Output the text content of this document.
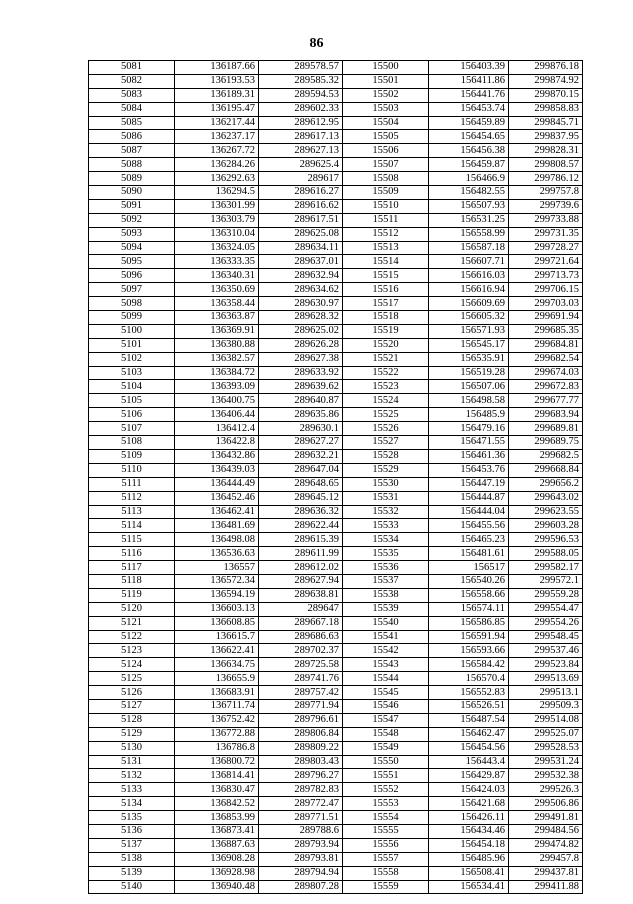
86
5081	136187.66	289578.57	15500	156403.39	299876.18
5082	136193.53	289585.32	15501	156411.86	299874.92
5083	136189.31	289594.53	15502	156441.76	299870.15
5084	136195.47	289602.33	15503	156453.74	299858.83
5085	136217.44	289612.95	15504	156459.89	299845.71
5086	136237.17	289617.13	15505	156454.65	299837.95
5087	136267.72	289627.13	15506	156456.38	299828.31
5088	136284.26	289625.4	15507	156459.87	299808.57
5089	136292.63	289617	15508	156466.9	299786.12
5090	136294.5	289616.27	15509	156482.55	299757.8
5091	136301.99	289616.62	15510	156507.93	299739.6
5092	136303.79	289617.51	15511	156531.25	299733.88
5093	136310.04	289625.08	15512	156558.99	299731.35
5094	136324.05	289634.11	15513	156587.18	299728.27
5095	136333.35	289637.01	15514	156607.71	299721.64
5096	136340.31	289632.94	15515	156616.03	299713.73
5097	136350.69	289634.62	15516	156616.94	299706.15
5098	136358.44	289630.97	15517	156609.69	299703.03
5099	136363.87	289628.32	15518	156605.32	299691.94
5100	136369.91	289625.02	15519	156571.93	299685.35
5101	136380.88	289626.28	15520	156545.17	299684.81
5102	136382.57	289627.38	15521	156535.91	299682.54
5103	136384.72	289633.92	15522	156519.28	299674.03
5104	136393.09	289639.62	15523	156507.06	299672.83
5105	136400.75	289640.87	15524	156498.58	299677.77
5106	136406.44	289635.86	15525	156485.9	299683.94
5107	136412.4	289630.1	15526	156479.16	299689.81
5108	136422.8	289627.27	15527	156471.55	299689.75
5109	136432.86	289632.21	15528	156461.36	299682.5
5110	136439.03	289647.04	15529	156453.76	299668.84
5111	136444.49	289648.65	15530	156447.19	299656.2
5112	136452.46	289645.12	15531	156444.87	299643.02
5113	136462.41	289636.32	15532	156444.04	299623.55
5114	136481.69	289622.44	15533	156455.56	299603.28
5115	136498.08	289615.39	15534	156465.23	299596.53
5116	136536.63	289611.99	15535	156481.61	299588.05
5117	136557	289612.02	15536	156517	299582.17
5118	136572.34	289627.94	15537	156540.26	299572.1
5119	136594.19	289638.81	15538	156558.66	299559.28
5120	136603.13	289647	15539	156574.11	299554.47
5121	136608.85	289667.18	15540	156586.85	299554.26
5122	136615.7	289686.63	15541	156591.94	299548.45
5123	136622.41	289702.37	15542	156593.66	299537.46
5124	136634.75	289725.58	15543	156584.42	299523.84
5125	136655.9	289741.76	15544	156570.4	299513.69
5126	136683.91	289757.42	15545	156552.83	299513.1
5127	136711.74	289771.94	15546	156526.51	299509.3
5128	136752.42	289796.61	15547	156487.54	299514.08
5129	136772.88	289806.84	15548	156462.47	299525.07
5130	136786.8	289809.22	15549	156454.56	299528.53
5131	136800.72	289803.43	15550	156443.4	299531.24
5132	136814.41	289796.27	15551	156429.87	299532.38
5133	136830.47	289782.83	15552	156424.03	299526.3
5134	136842.52	289772.47	15553	156421.68	299506.86
5135	136853.99	289771.51	15554	156426.11	299491.81
5136	136873.41	289788.6	15555	156434.46	299484.56
5137	136887.63	289793.94	15556	156454.18	299474.82
5138	136908.28	289793.81	15557	156485.96	299457.8
5139	136928.98	289794.94	15558	156508.41	299437.81
5140	136940.48	289807.28	15559	156534.41	299411.88
